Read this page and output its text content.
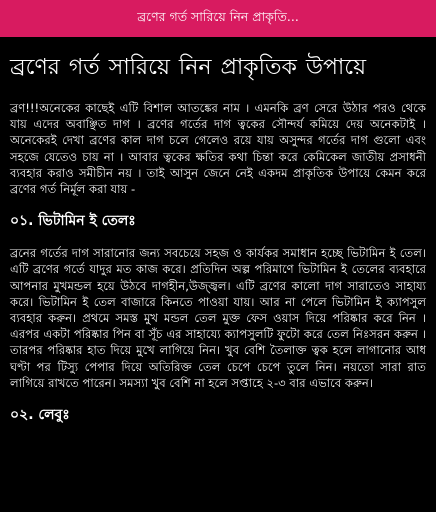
ব্রণের গর্ত সারিয়ে নিন প্রাকৃতি...
ব্রণের গর্ত সারিয়ে নিন প্রাকৃতিক উপায়ে

ব্রণ!!!অনেকের কাছেই এটি বিশাল আতঙ্কের নাম । এমনকি ব্রণ সেরে উঠার পরও থেকে যায় এদের অবাঞ্ছিত দাগ । ব্রণের গর্তের দাগ ত্বকের সৌন্দর্য কমিয়ে দেয় অনেকটাই । অনেকেরই দেখা ব্রণের কাল দাগ চলে গেলেও রয়ে যায় অসুন্দর গর্তের দাগ গুলো এবং সহজে যেতেও চায় না । আবার ত্বকের ক্ষতির কথা চিন্তা করে কেমিকেল জাতীয় প্রসাধনী ব্যবহার করাও সমীচীন নয় । তাই আসুন জেনে নেই একদম প্রাকৃতিক উপায়ে কেমন করে ব্রণের গর্ত নির্মূল করা যায় -

০১. ভিটামিন ই তেলঃ

ব্রনের গর্তের দাগ সারানোর জন্য সবচেয়ে সহজ ও কার্যকর সমাধান হচ্ছে ভিটামিন ই তেল। এটি ব্রণের গর্তে যাদুর মত কাজ করে। প্রতিদিন অল্প পরিমাণে ভিটামিন ই তেলের ব্যবহারে আপনার মুখমন্ডল হয়ে উঠবে দাগহীন,উজ্জ্বল। এটি ব্রণের কালো দাগ সারাতেও সাহায্য করে। ভিটামিন ই তেল বাজারে কিনতে পাওয়া যায়। আর না পেলে ভিটামিন ই ক্যাপসুল ব্যবহার করুন। প্রথমে সমস্ত মুখ মন্ডল তেল মুক্ত ফেস ওয়াস দিয়ে পরিষ্কার করে নিন । এরপর একটা পরিষ্কার পিন বা সূঁচ এর সাহায্যে ক্যাপসুলটি ফুটো করে তেল নিঃসরন করুন । তারপর পরিষ্কার হাত দিয়ে মুখে লাগিয়ে নিন। খুব বেশি তৈলাক্ত ত্বক হলে লাগানোর আধ ঘণ্টা পর টিস্যু পেপার দিয়ে অতিরিক্ত তেল চেপে চেপে তুলে নিন। নয়তো সারা রাত লাগিয়ে রাখতে পারেন। সমস্যা খুব বেশি না হলে সপ্তাহে ২-৩ বার এভাবে করুন।

০২. লেবুঃ
